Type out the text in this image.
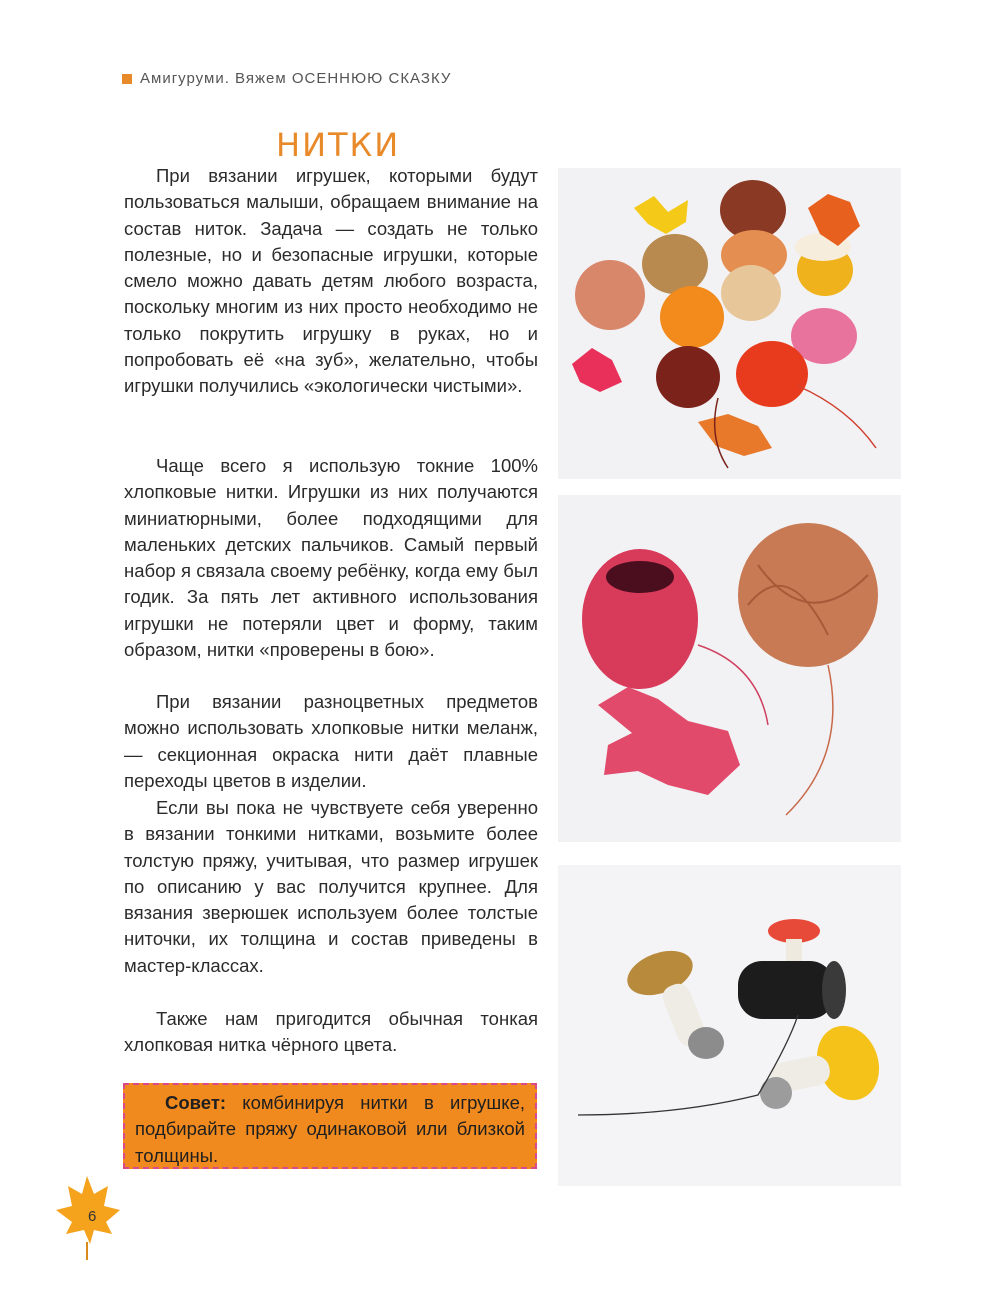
Амигуруми. Вяжем ОСЕННЮЮ СКАЗКУ
НИТКИ

При вязании игрушек, которыми будут пользоваться малыши, обращаем внимание на состав ниток. Задача — создать не только полезные, но и безопасные игрушки, которые смело можно давать детям любого возраста, поскольку многим из них просто необходимо не только покрутить игрушку в руках, но и попробовать её «на зуб», желательно, чтобы игрушки получились «экологически чистыми».

Чаще всего я использую токние 100% хлопковые нитки. Игрушки из них получаются миниатюрными, более подходящими для маленьких детских пальчиков. Самый первый набор я связала своему ребёнку, когда ему был годик. За пять лет активного использования игрушки не потеряли цвет и форму, таким образом, нитки «проверены в бою».

При вязании разноцветных предметов можно использовать хлопковые нитки меланж, — секционная окраска нити даёт плавные переходы цветов в изделии.

Если вы пока не чувствуете себя уверенно в вязании тонкими нитками, возьмите более толстую пряжу, учитывая, что размер игрушек по описанию у вас получится крупнее. Для вязания зверюшек используем более толстые ниточки, их толщина и состав приведены в мастер-классах.

Также нам пригодится обычная тонкая хлопковая нитка чёрного цвета.

Совет: комбинируя нитки в игрушке, подбирайте пряжу одинаковой или близкой толщины.
6
